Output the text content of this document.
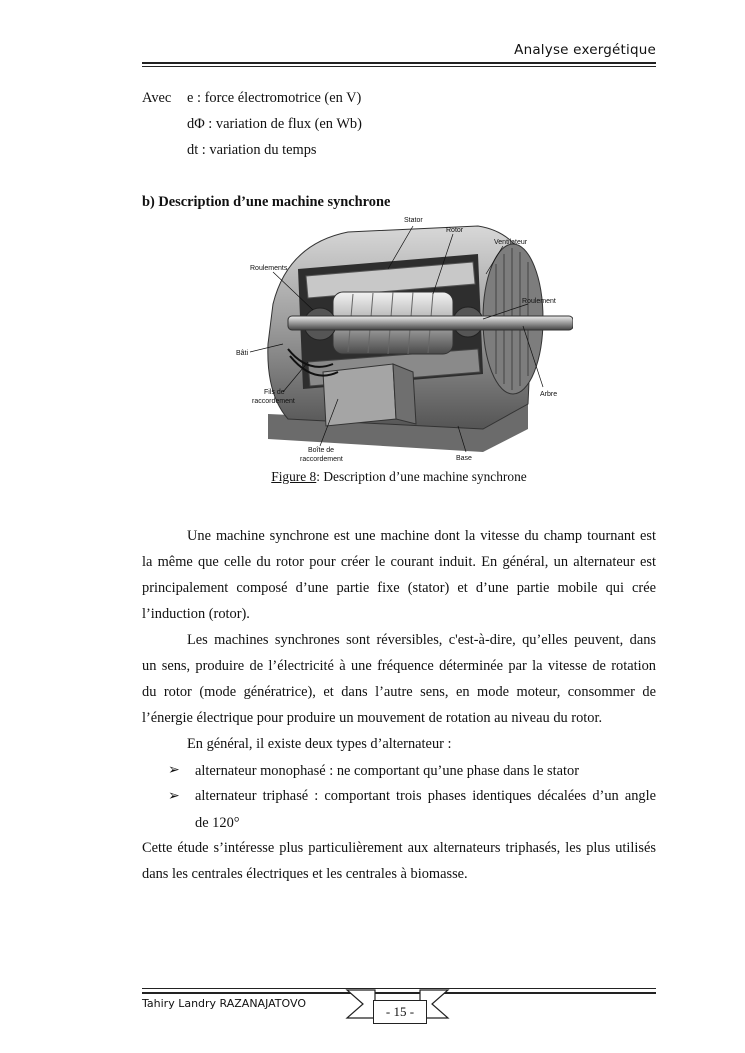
Analyse exergétique
Avec e : force électromotrice (en V)
dΦ : variation de flux (en Wb)
dt : variation du temps
b) Description d’une machine synchrone
Stator
Rotor
Ventilateur
Roulements
Roulement
Bâti
Fils de
raccordement
Arbre
Boîte de
raccordement	Base
Figure 8: Description d’une machine synchrone
Une machine synchrone est une machine dont la vitesse du champ tournant est
la même que celle du rotor pour créer le courant induit. En général, un alternateur est
principalement composé d’une partie fixe (stator) et d’une partie mobile qui crée
l’induction (rotor).
Les machines synchrones sont réversibles, c'est-à-dire, qu’elles peuvent, dans
un sens, produire de l’électricité à une fréquence déterminée par la vitesse de rotation
du rotor (mode génératrice), et dans l’autre sens, en mode moteur, consommer de
l’énergie électrique pour produire un mouvement de rotation au niveau du rotor.
En général, il existe deux types d’alternateur :
➢ alternateur monophasé : ne comportant qu’une phase dans le stator
➢ alternateur triphasé : comportant trois phases identiques décalées d’un angle
de 120°
Cette étude s’intéresse plus particulièrement aux alternateurs triphasés, les plus utilisés
dans les centrales électriques et les centrales à biomasse.
Tahiry Landry RAZANAJATOVO
- 15 -
